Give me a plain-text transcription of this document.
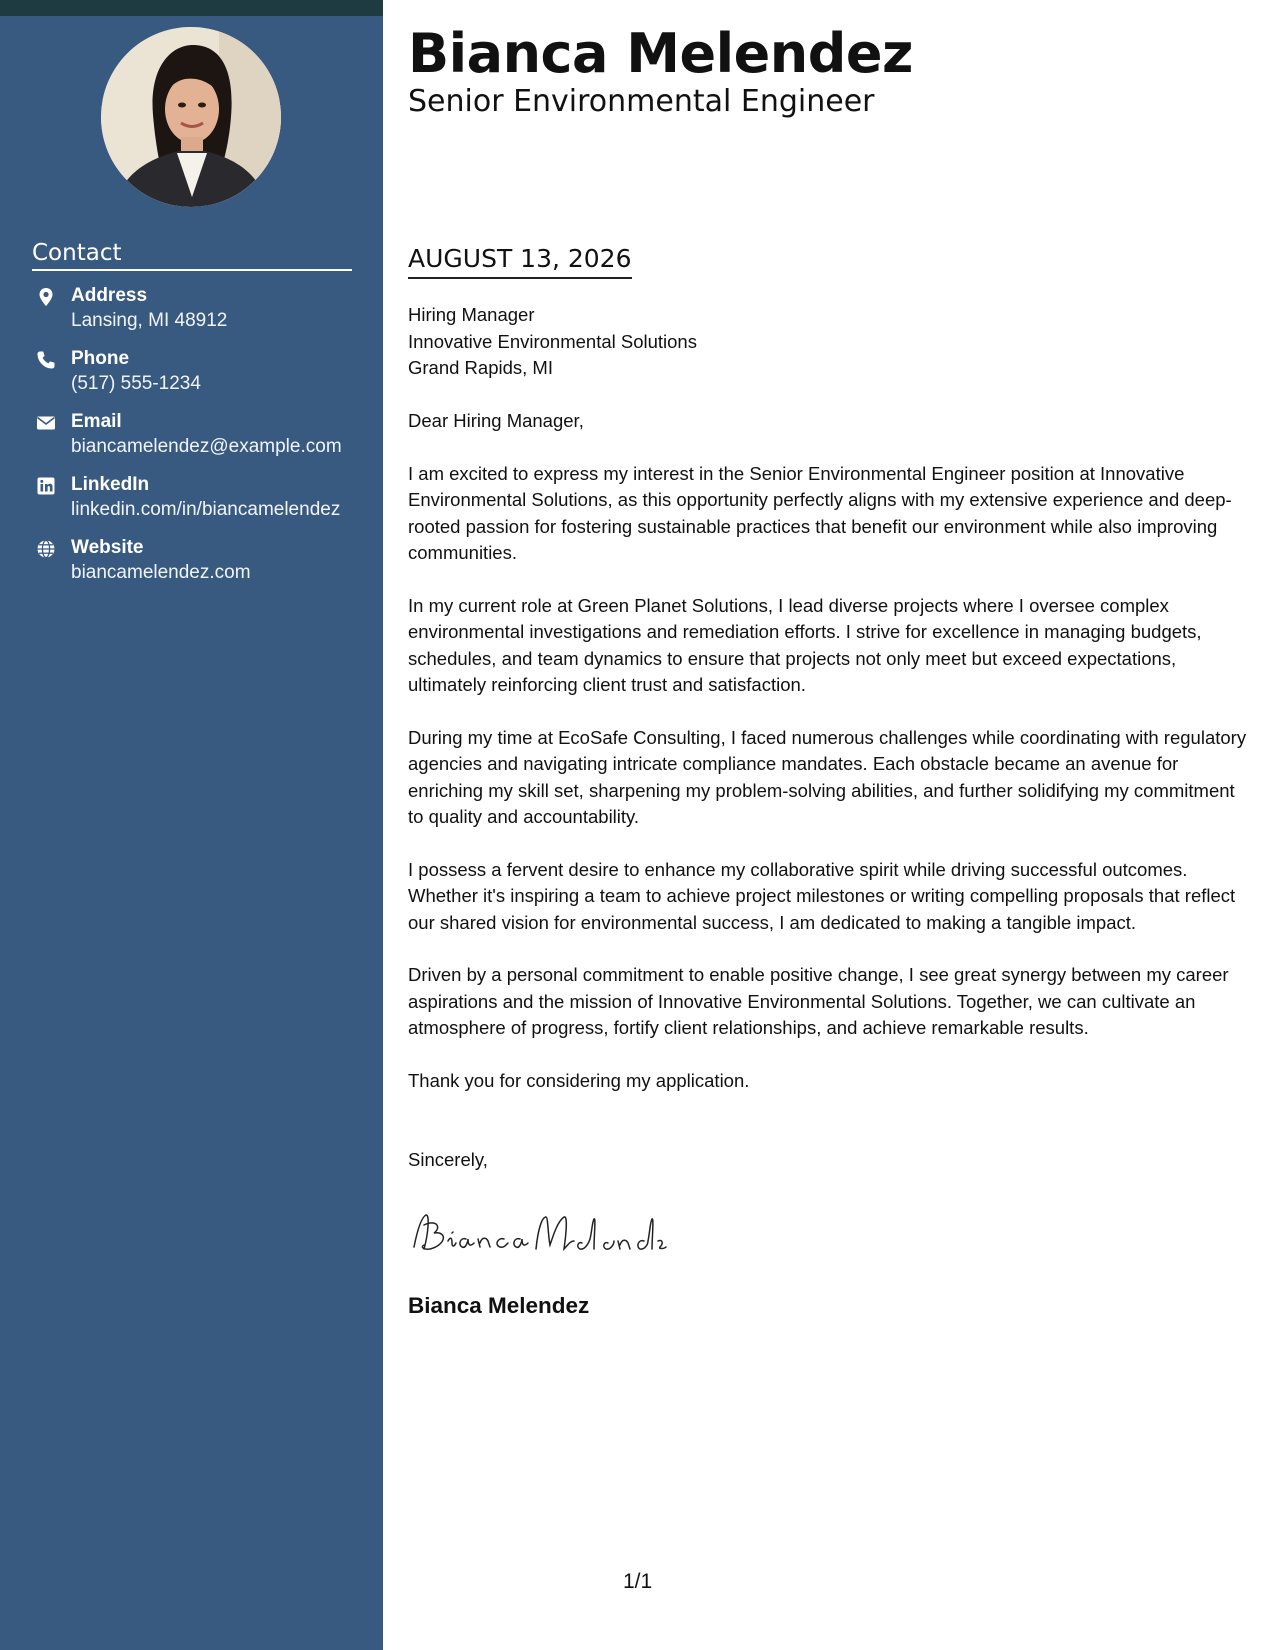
Contact
Address
Lansing, MI 48912
Phone
(517) 555-1234
Email
biancamelendez@example.com
LinkedIn
linkedin.com/in/biancamelendez
Website
biancamelendez.com
Bianca Melendez
Senior Environmental Engineer
AUGUST 13, 2026
Hiring Manager
Innovative Environmental Solutions
Grand Rapids, MI

Dear Hiring Manager,

I am excited to express my interest in the Senior Environmental Engineer position at Innovative Environmental Solutions, as this opportunity perfectly aligns with my extensive experience and deep-rooted passion for fostering sustainable practices that benefit our environment while also improving communities.

In my current role at Green Planet Solutions, I lead diverse projects where I oversee complex environmental investigations and remediation efforts. I strive for excellence in managing budgets, schedules, and team dynamics to ensure that projects not only meet but exceed expectations, ultimately reinforcing client trust and satisfaction.

During my time at EcoSafe Consulting, I faced numerous challenges while coordinating with regulatory agencies and navigating intricate compliance mandates. Each obstacle became an avenue for enriching my skill set, sharpening my problem-solving abilities, and further solidifying my commitment to quality and accountability.

I possess a fervent desire to enhance my collaborative spirit while driving successful outcomes. Whether it's inspiring a team to achieve project milestones or writing compelling proposals that reflect our shared vision for environmental success, I am dedicated to making a tangible impact.

Driven by a personal commitment to enable positive change, I see great synergy between my career aspirations and the mission of Innovative Environmental Solutions. Together, we can cultivate an atmosphere of progress, fortify client relationships, and achieve remarkable results.

Thank you for considering my application.

Sincerely,
Bianca Melendez
1/1
